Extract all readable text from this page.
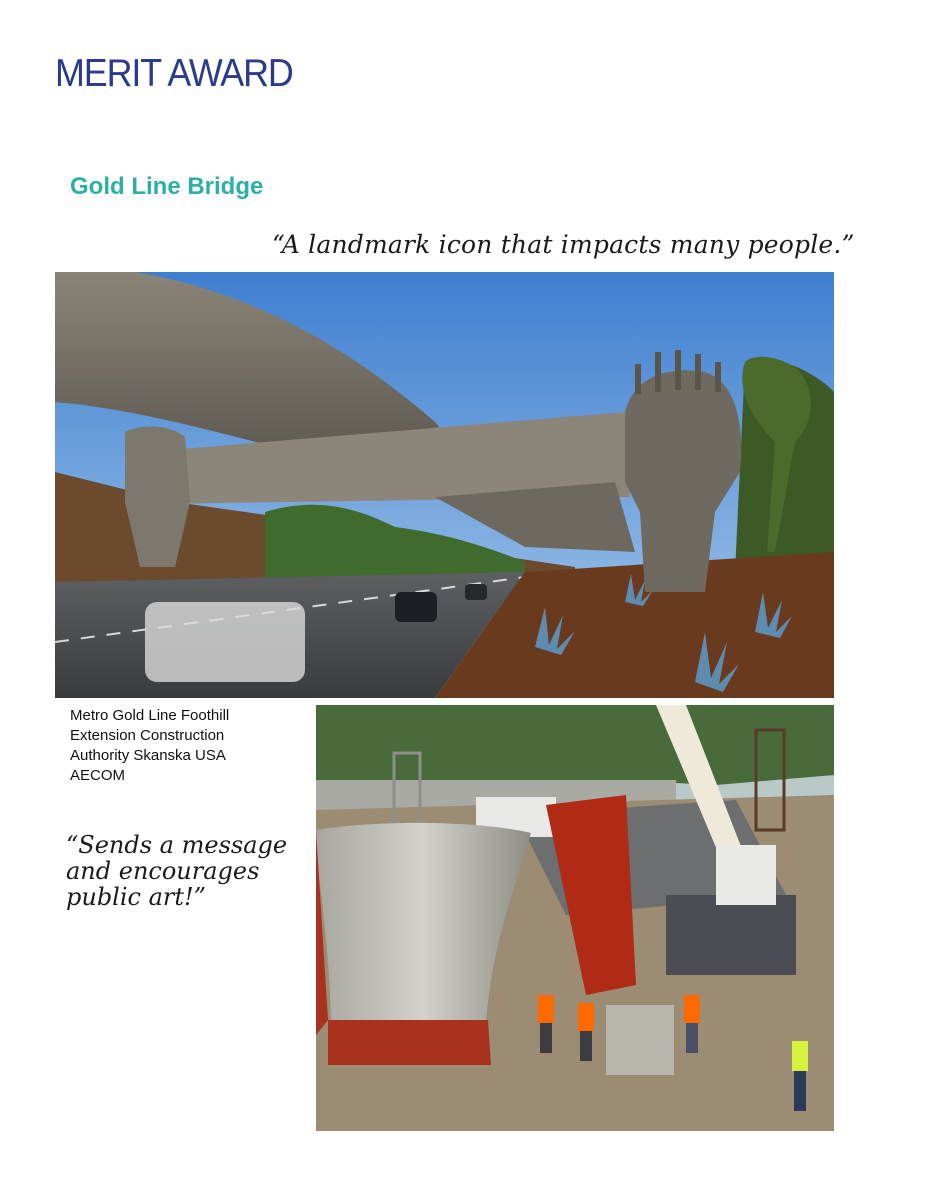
MERIT AWARD
Gold Line Bridge
“A landmark icon that impacts many people.”
Metro Gold Line Foothill
Extension Construction
Authority Skanska USA
AECOM
“Sends a message
and encourages
public art!”
